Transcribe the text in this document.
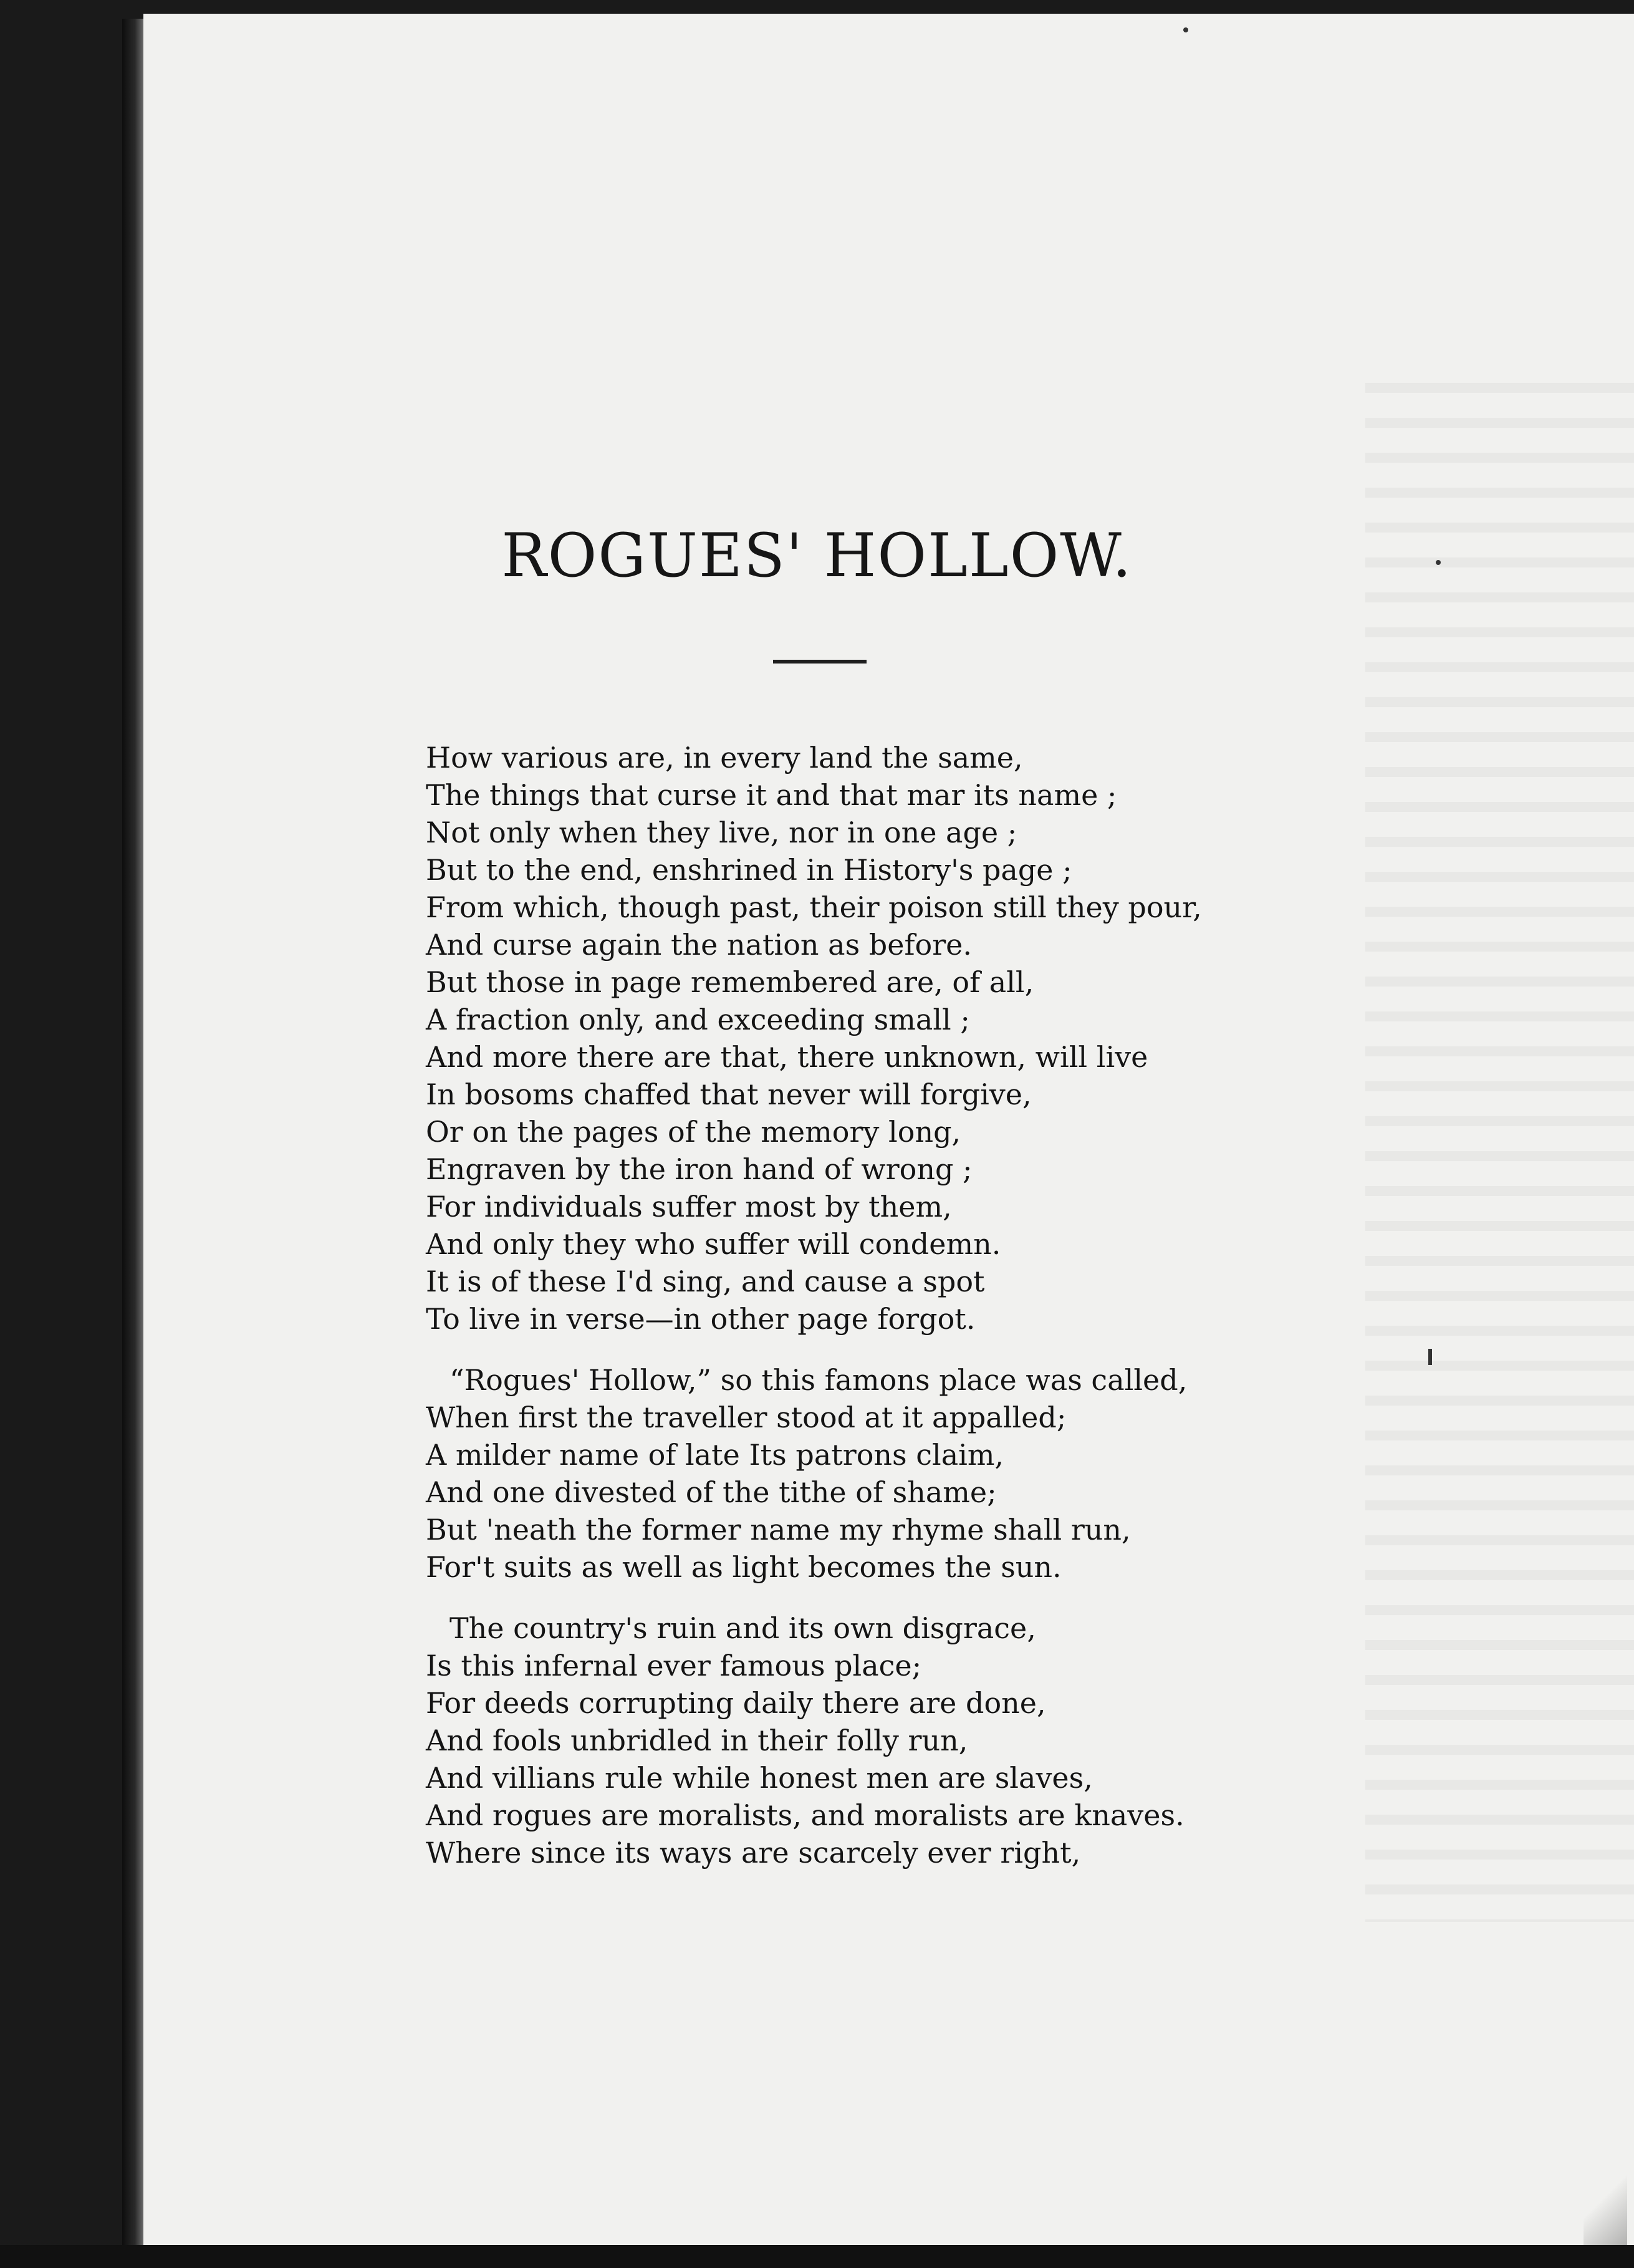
ROGUES' HOLLOW.
How various are, in every land the same,
The things that curse it and that mar its name ;
Not only when they live, nor in one age ;
But to the end, enshrined in History's page ;
From which, though past, their poison still they pour,
And curse again the nation as before.
But those in page remembered are, of all,
A fraction only, and exceeding small ;
And more there are that, there unknown, will live
In bosoms chaffed that never will forgive,
Or on the pages of the memory long,
Engraven by the iron hand of wrong ;
For individuals suffer most by them,
And only they who suffer will condemn.
It is of these I'd sing, and cause a spot
To live in verse—in other page forgot.
“Rogues' Hollow,” so this famons place was called,
When first the traveller stood at it appalled;
A milder name of late Its patrons claim,
And one divested of the tithe of shame;
But 'neath the former name my rhyme shall run,
For't suits as well as light becomes the sun.
The country's ruin and its own disgrace,
Is this infernal ever famous place;
For deeds corrupting daily there are done,
And fools unbridled in their folly run,
And villians rule while honest men are slaves,
And rogues are moralists, and moralists are knaves.
Where since its ways are scarcely ever right,
